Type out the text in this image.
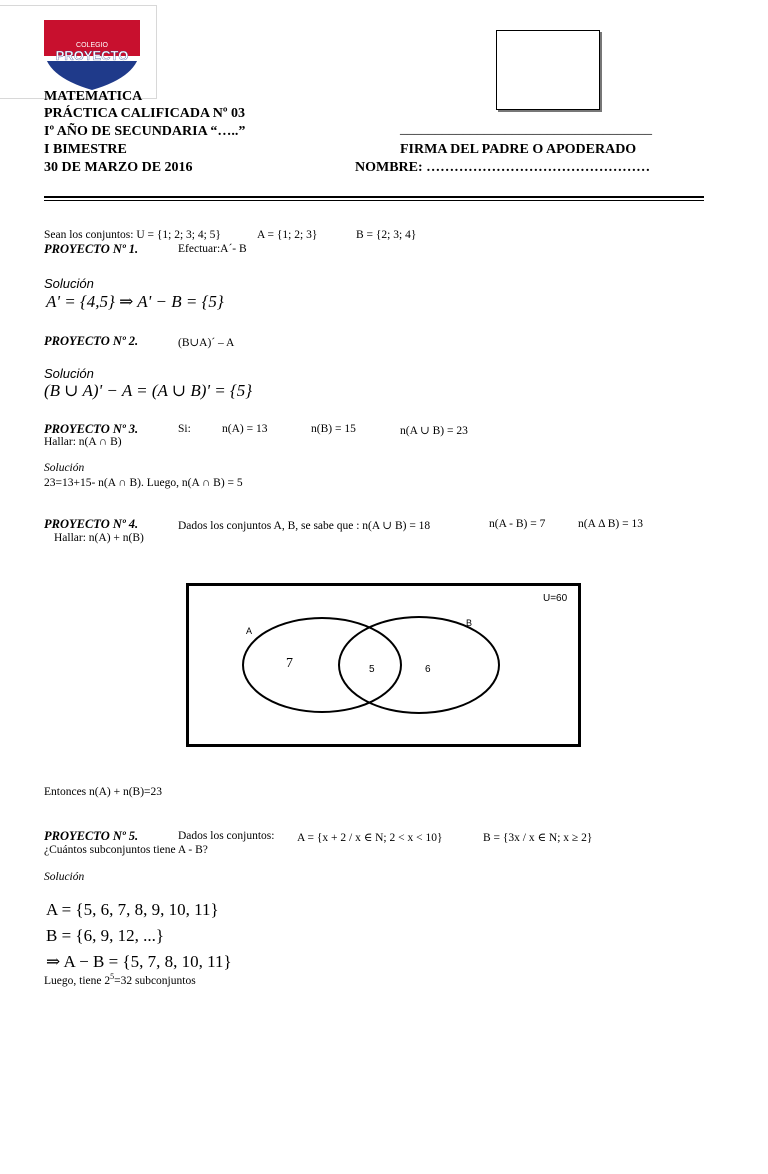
COLEGIO
PROYECTO
MATEMATICA
PRÁCTICA CALIFICADA Nº 03
Iº AÑO DE SECUNDARIA “…..”
I BIMESTRE
30 DE MARZO DE 2016
____________________________________
FIRMA DEL PADRE O APODERADO
NOMBRE: …………………………………………
Sean los conjuntos: U = {1; 2; 3; 4; 5}	A = {1; 2; 3}	B = {2; 3; 4}
PROYECTO Nº 1.	Efectuar:A´- B
Solución
A' = {4,5} ⇒ A' − B = {5}
PROYECTO Nº 2.	(B∪A)´ – A
Solución
(B ∪ A)' − A = (A ∪ B)' = {5}
PROYECTO Nº 3.	Si:	n(A) = 13	n(B) = 15	n(A ∪ B) = 23
Hallar: n(A ∩ B)
Solución
23=13+15- n(A ∩ B). Luego, n(A ∩ B) = 5
PROYECTO Nº 4.	Dados los conjuntos A, B, se sabe que : n(A ∪ B) = 18	n(A - B) = 7	n(A Δ B) = 13
Hallar: n(A) + n(B)
U=60
A
B
7	5	6
Entonces n(A) + n(B)=23
PROYECTO Nº 5.	Dados los conjuntos: A = {x + 2 / x ∈ N; 2 < x < 10}	B = {3x / x ∈ N; x ≥ 2}
¿Cuántos subconjuntos tiene A - B?
Solución
A = {5, 6, 7, 8, 9, 10, 11}
B = {6, 9, 12, ...}
⇒ A − B = {5, 7, 8, 10, 11}
Luego, tiene $2^5=32$ subconjuntos
